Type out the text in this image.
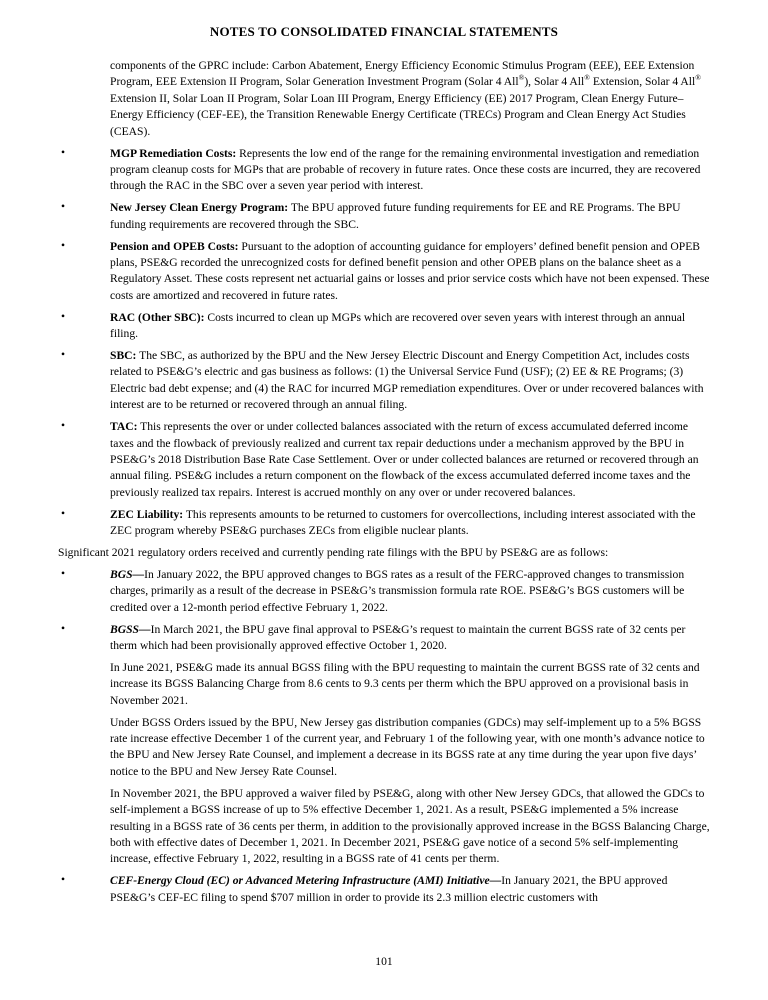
NOTES TO CONSOLIDATED FINANCIAL STATEMENTS
components of the GPRC include: Carbon Abatement, Energy Efficiency Economic Stimulus Program (EEE), EEE Extension Program, EEE Extension II Program, Solar Generation Investment Program (Solar 4 All®), Solar 4 All® Extension, Solar 4 All® Extension II, Solar Loan II Program, Solar Loan III Program, Energy Efficiency (EE) 2017 Program, Clean Energy Future–Energy Efficiency (CEF-EE), the Transition Renewable Energy Certificate (TRECs) Program and Clean Energy Act Studies (CEAS).
•	MGP Remediation Costs: Represents the low end of the range for the remaining environmental investigation and remediation program cleanup costs for MGPs that are probable of recovery in future rates. Once these costs are incurred, they are recovered through the RAC in the SBC over a seven year period with interest.
•	New Jersey Clean Energy Program: The BPU approved future funding requirements for EE and RE Programs. The BPU funding requirements are recovered through the SBC.
•	Pension and OPEB Costs: Pursuant to the adoption of accounting guidance for employers’ defined benefit pension and OPEB plans, PSE&G recorded the unrecognized costs for defined benefit pension and other OPEB plans on the balance sheet as a Regulatory Asset. These costs represent net actuarial gains or losses and prior service costs which have not been expensed. These costs are amortized and recovered in future rates.
•	RAC (Other SBC): Costs incurred to clean up MGPs which are recovered over seven years with interest through an annual filing.
•	SBC: The SBC, as authorized by the BPU and the New Jersey Electric Discount and Energy Competition Act, includes costs related to PSE&G’s electric and gas business as follows: (1) the Universal Service Fund (USF); (2) EE & RE Programs; (3) Electric bad debt expense; and (4) the RAC for incurred MGP remediation expenditures. Over or under recovered balances with interest are to be returned or recovered through an annual filing.
•	TAC: This represents the over or under collected balances associated with the return of excess accumulated deferred income taxes and the flowback of previously realized and current tax repair deductions under a mechanism approved by the BPU in PSE&G’s 2018 Distribution Base Rate Case Settlement. Over or under collected balances are returned or recovered through an annual filing. PSE&G includes a return component on the flowback of the excess accumulated deferred income taxes and the previously realized tax repairs. Interest is accrued monthly on any over or under recovered balances.
•	ZEC Liability: This represents amounts to be returned to customers for overcollections, including interest associated with the ZEC program whereby PSE&G purchases ZECs from eligible nuclear plants.
Significant 2021 regulatory orders received and currently pending rate filings with the BPU by PSE&G are as follows:
•	BGS—In January 2022, the BPU approved changes to BGS rates as a result of the FERC-approved changes to transmission charges, primarily as a result of the decrease in PSE&G’s transmission formula rate ROE. PSE&G’s BGS customers will be credited over a 12-month period effective February 1, 2022.
•	BGSS—In March 2021, the BPU gave final approval to PSE&G’s request to maintain the current BGSS rate of 32 cents per therm which had been provisionally approved effective October 1, 2020.
In June 2021, PSE&G made its annual BGSS filing with the BPU requesting to maintain the current BGSS rate of 32 cents and increase its BGSS Balancing Charge from 8.6 cents to 9.3 cents per therm which the BPU approved on a provisional basis in November 2021.
Under BGSS Orders issued by the BPU, New Jersey gas distribution companies (GDCs) may self-implement up to a 5% BGSS rate increase effective December 1 of the current year, and February 1 of the following year, with one month’s advance notice to the BPU and New Jersey Rate Counsel, and implement a decrease in its BGSS rate at any time during the year upon five days’ notice to the BPU and New Jersey Rate Counsel.
In November 2021, the BPU approved a waiver filed by PSE&G, along with other New Jersey GDCs, that allowed the GDCs to self-implement a BGSS increase of up to 5% effective December 1, 2021. As a result, PSE&G implemented a 5% increase resulting in a BGSS rate of 36 cents per therm, in addition to the provisionally approved increase in the BGSS Balancing Charge, both with effective dates of December 1, 2021. In December 2021, PSE&G gave notice of a second 5% self-implementing increase, effective February 1, 2022, resulting in a BGSS rate of 41 cents per therm.
•	CEF-Energy Cloud (EC) or Advanced Metering Infrastructure (AMI) Initiative—In January 2021, the BPU approved PSE&G’s CEF-EC filing to spend $707 million in order to provide its 2.3 million electric customers with
101
